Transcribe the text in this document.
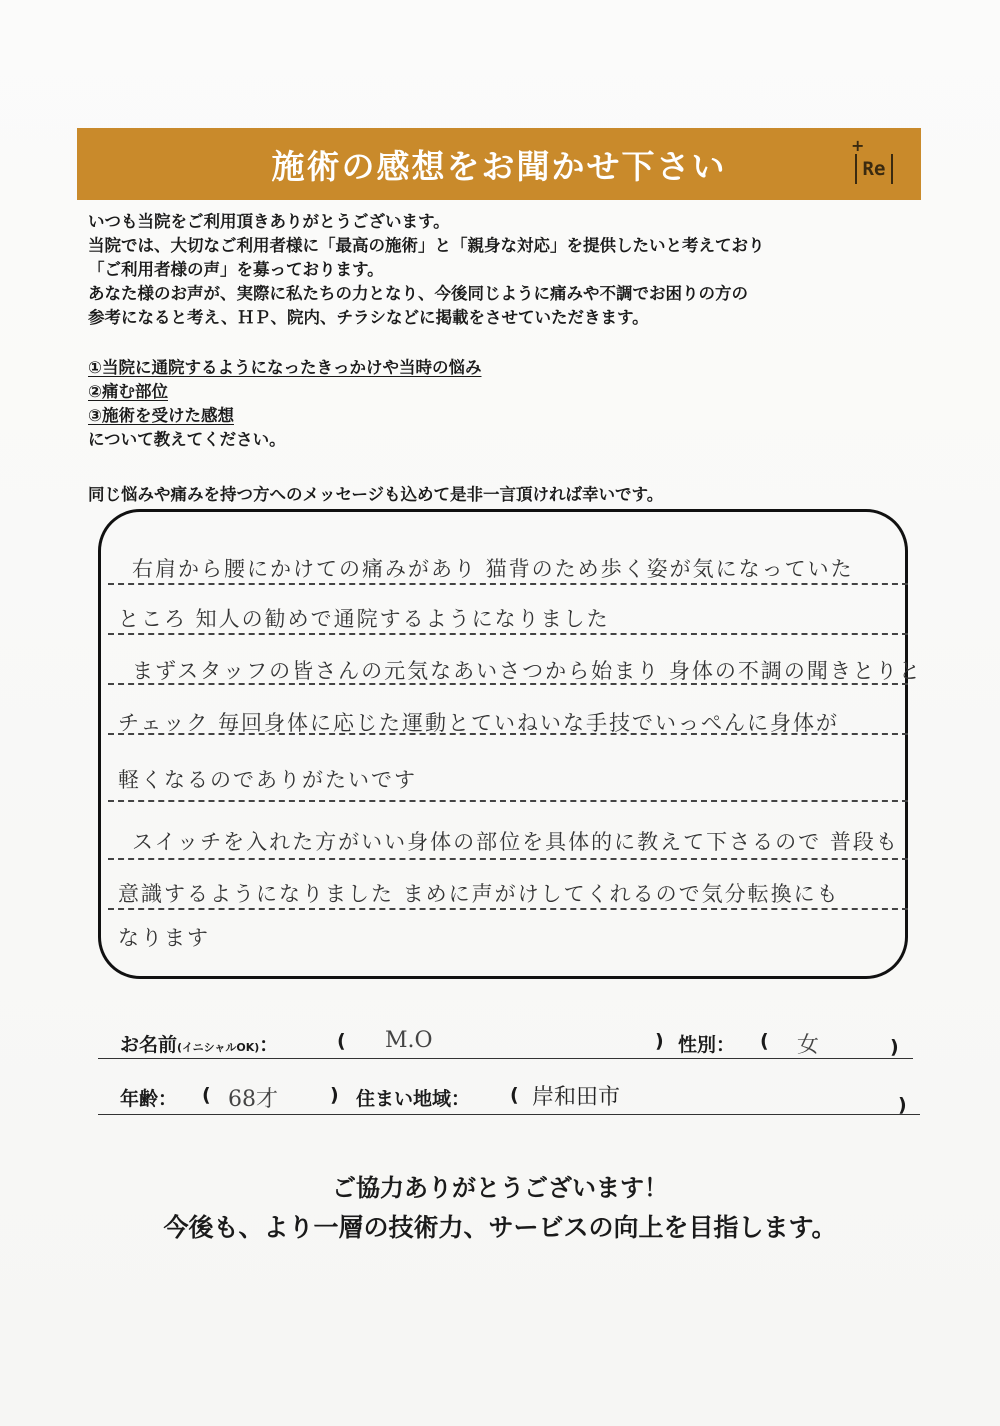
施術の感想をお聞かせ下さい
+
Re
いつも当院をご利用頂きありがとうございます。
当院では、大切なご利用者様に「最高の施術」と「親身な対応」を提供したいと考えており
「ご利用者様の声」を募っております。
あなた様のお声が、実際に私たちの力となり、今後同じように痛みや不調でお困りの方の
参考になると考え、ＨＰ、院内、チラシなどに掲載をさせていただきます。
①当院に通院するようになったきっかけや当時の悩み
②痛む部位
③施術を受けた感想
について教えてください。
同じ悩みや痛みを持つ方へのメッセージも込めて是非一言頂ければ幸いです。
右肩から腰にかけての痛みがあり 猫背のため歩く姿が気になっていた
ところ 知人の勧めで通院するようになりました
まずスタッフの皆さんの元気なあいさつから始まり 身体の不調の聞きとりと
チェック 毎回身体に応じた運動とていねいな手技でいっぺんに身体が
軽くなるのでありがたいです
スイッチを入れた方がいい身体の部位を具体的に教えて下さるので 普段も
意識するようになりました まめに声がけしてくれるので気分転換にも
なります
お名前(イニシャルOK)：	( M.O	) 性別： ( 女	)
年齢： ( 68才	) 住まい地域： ( 岸和田市	)
ご協力ありがとうございます！
今後も、より一層の技術力、サービスの向上を目指します。
